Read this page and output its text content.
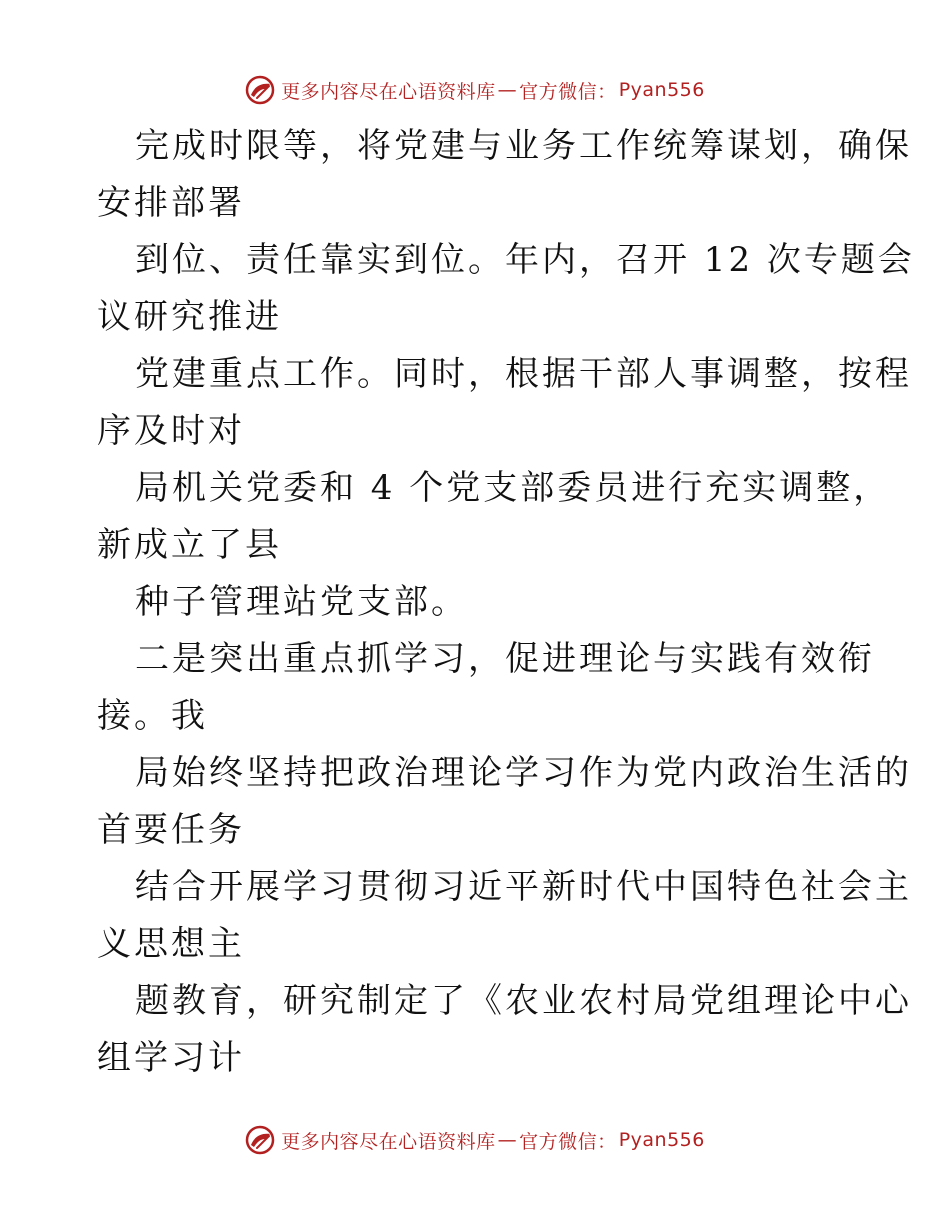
更多内容尽在心语资料库 — 官方微信： Pyan556

完成时限等，将党建与业务工作统筹谋划，确保

安排部署

到位、责任靠实到位。年内，召开 12 次专题会

议研究推进

党建重点工作。同时，根据干部人事调整，按程

序及时对

局机关党委和 4 个党支部委员进行充实调整，

新成立了县

种子管理站党支部。

二是突出重点抓学习，促进理论与实践有效衔

接。我

局始终坚持把政治理论学习作为党内政治生活的

首要任务

结合开展学习贯彻习近平新时代中国特色社会主

义思想主

题教育，研究制定了《农业农村局党组理论中心

组学习计

更多内容尽在心语资料库 — 官方微信： Pyan556
